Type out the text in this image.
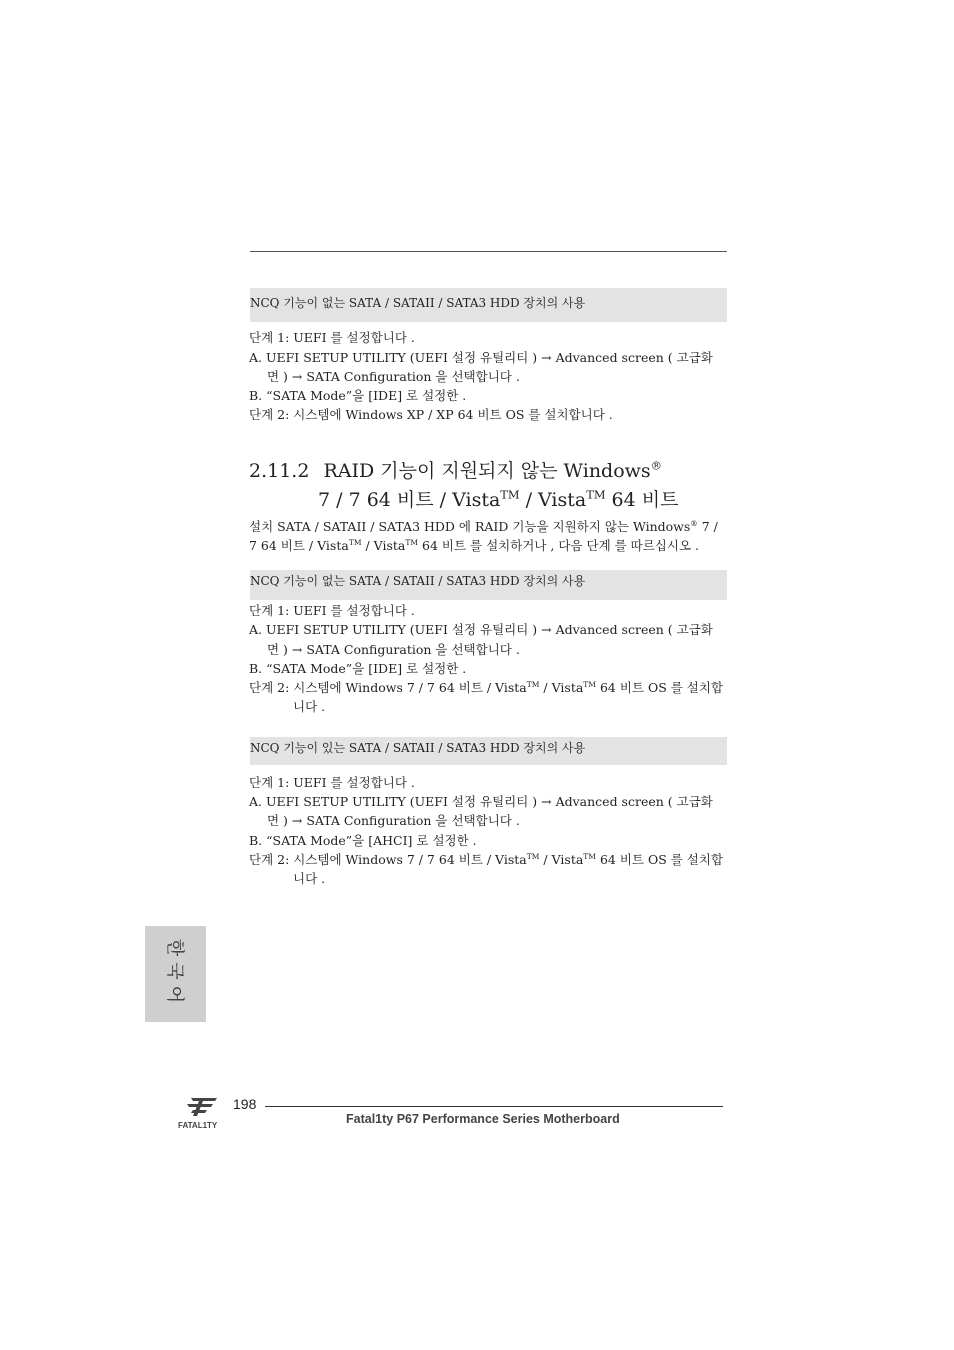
NCQ 기능이 없는 SATA / SATAII / SATA3 HDD 장치의 사용
단계 1: UEFI 를 설정합니다 .
A. UEFI SETUP UTILITY (UEFI 설정 유틸리티 ) → Advanced screen ( 고급화
면 ) → SATA Configuration 을 선택합니다 .
B. “SATA Mode”을 [IDE] 로 설정한 .
단계 2: 시스템에 Windows XP / XP 64 비트 OS 를 설치합니다 .
2.11.2 RAID 기능이 지원되지 않는 Windows®
7 / 7 64 비트 / Vista™ / Vista™ 64 비트
설치 SATA / SATAII / SATA3 HDD 에 RAID 기능을 지원하지 않는 Windows® 7 /
7 64 비트 / Vista™ / Vista™ 64 비트 를 설치하거나 , 다음 단계 를 따르십시오 .
NCQ 기능이 없는 SATA / SATAII / SATA3 HDD 장치의 사용
단계 1: UEFI 를 설정합니다 .
A. UEFI SETUP UTILITY (UEFI 설정 유틸리티 ) → Advanced screen ( 고급화
면 ) → SATA Configuration 을 선택합니다 .
B. “SATA Mode”을 [IDE] 로 설정한 .
단계 2: 시스템에 Windows 7 / 7 64 비트 / Vista™ / Vista™ 64 비트 OS 를 설치합
니다 .
NCQ 기능이 있는 SATA / SATAII / SATA3 HDD 장치의 사용
단계 1: UEFI 를 설정합니다 .
A. UEFI SETUP UTILITY (UEFI 설정 유틸리티 ) → Advanced screen ( 고급화
면 ) → SATA Configuration 을 선택합니다 .
B. “SATA Mode”을 [AHCI] 로 설정한 .
단계 2: 시스템에 Windows 7 / 7 64 비트 / Vista™ / Vista™ 64 비트 OS 를 설치합
니다 .
한국어
FATAL1TY
198
Fatal1ty P67 Performance Series Motherboard
